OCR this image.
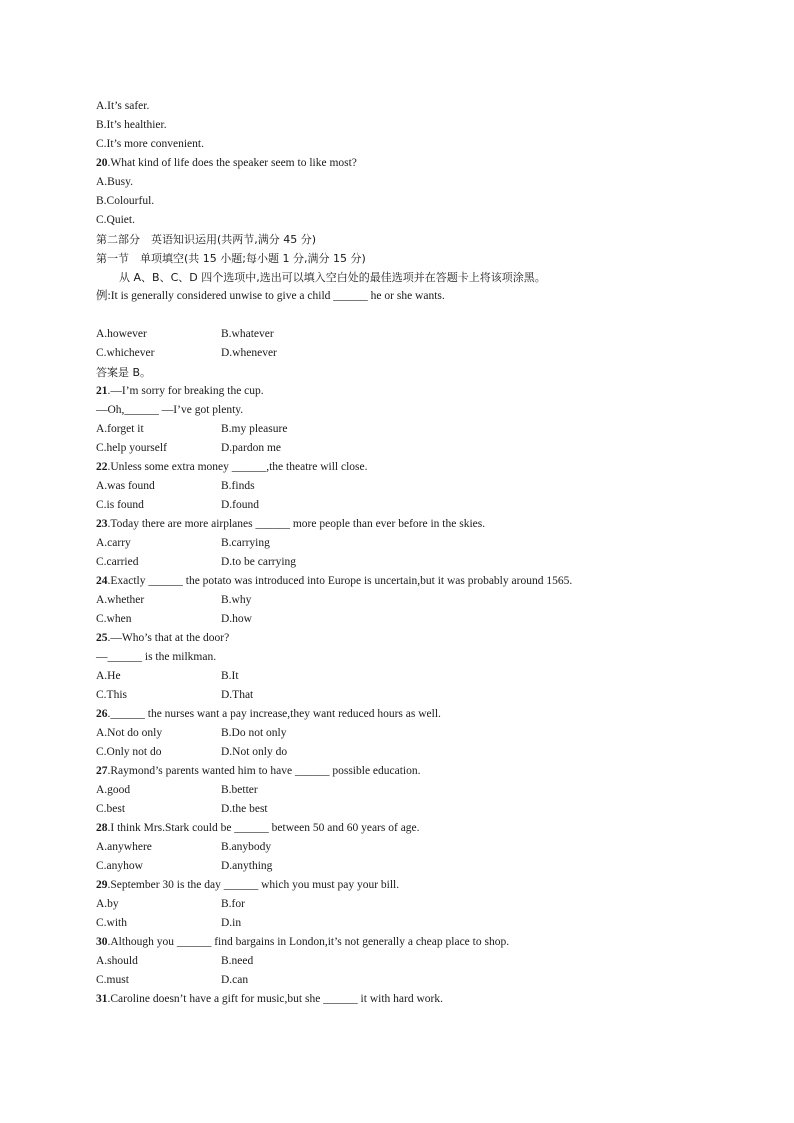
A.It’s safer.
B.It’s healthier.
C.It’s more convenient.
20.What kind of life does the speaker seem to like most?
A.Busy.
B.Colourful.
C.Quiet.
第二部分　英语知识运用(共两节,满分 45 分)
第一节　单项填空(共 15 小题;每小题 1 分,满分 15 分)
从 A、B、C、D 四个选项中,选出可以填入空白处的最佳选项并在答题卡上将该项涂黑。
例:It is generally considered unwise to give a child ______ he or she wants.
A.however	B.whatever
C.whichever	D.whenever
答案是 B。
21.—I’m sorry for breaking the cup.
—Oh,______ —I’ve got plenty.
A.forget it	B.my pleasure
C.help yourself	D.pardon me
22.Unless some extra money ______,the theatre will close.
A.was found	B.finds
C.is found	D.found
23.Today there are more airplanes ______ more people than ever before in the skies.
A.carry	B.carrying
C.carried	D.to be carrying
24.Exactly ______ the potato was introduced into Europe is uncertain,but it was probably around 1565.
A.whether	B.why
C.when	D.how
25.—Who’s that at the door?
—______ is the milkman.
A.He	B.It
C.This	D.That
26.______ the nurses want a pay increase,they want reduced hours as well.
A.Not do only	B.Do not only
C.Only not do	D.Not only do
27.Raymond’s parents wanted him to have ______ possible education.
A.good	B.better
C.best	D.the best
28.I think Mrs.Stark could be ______ between 50 and 60 years of age.
A.anywhere	B.anybody
C.anyhow	D.anything
29.September 30 is the day ______ which you must pay your bill.
A.by	B.for
C.with	D.in
30.Although you ______ find bargains in London,it’s not generally a cheap place to shop.
A.should	B.need
C.must	D.can
31.Caroline doesn’t have a gift for music,but she ______ it with hard work.
